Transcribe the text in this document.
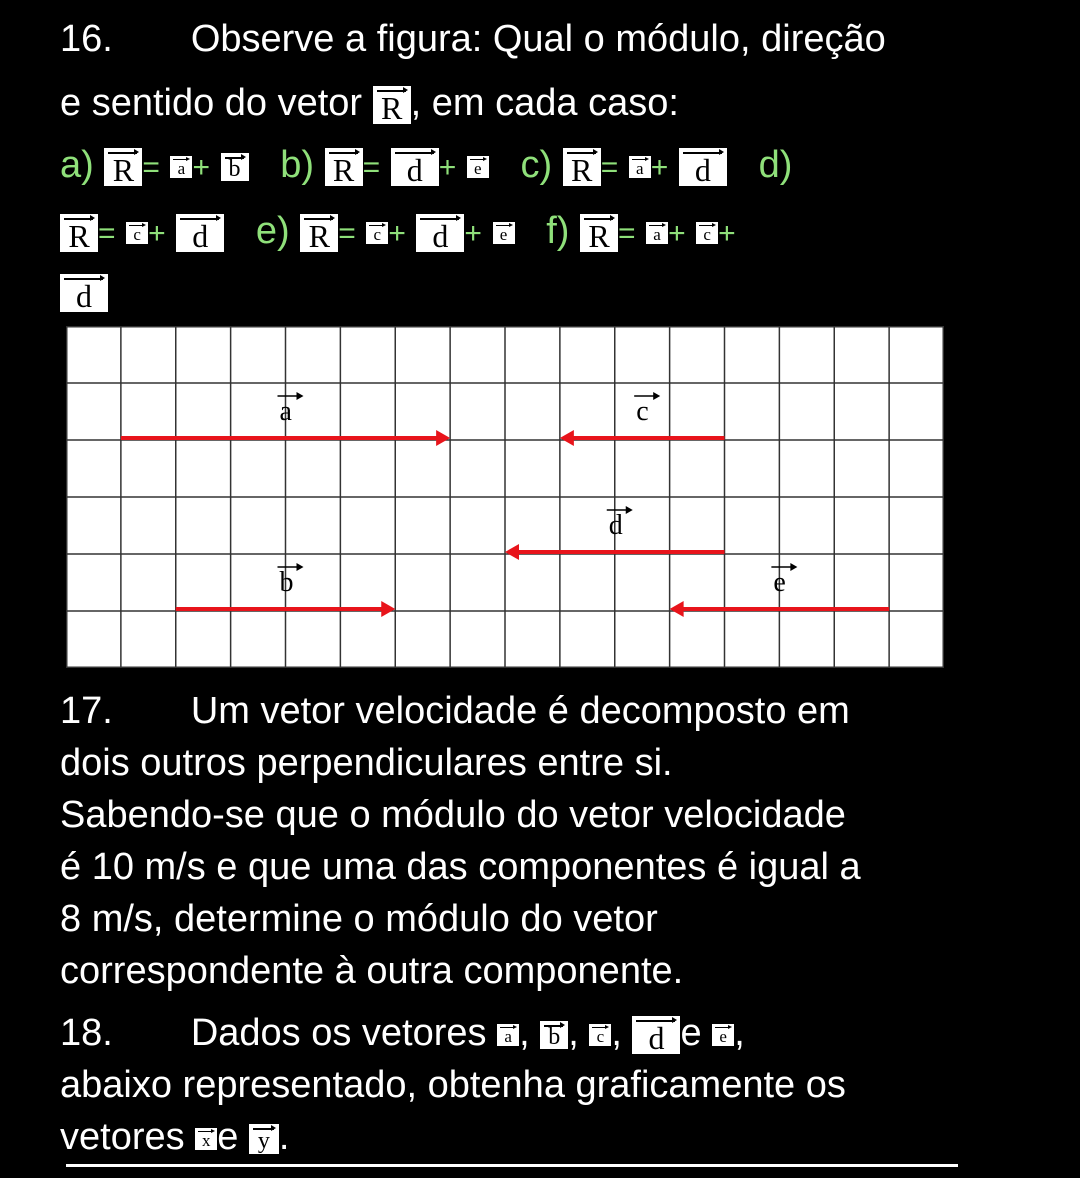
16. Observe a figura: Qual o módulo, direção
e sentido do vetor R , em cada caso:
a) R = a + b b) R = d + e c) R = a + d d)
R = c + d e) R = c + d + e f) R = a + c +
d
a	c
d
b	e
17. Um vetor velocidade é decomposto em
dois outros perpendiculares entre si.
Sabendo-se que o módulo do vetor velocidade
é 10 m/s e que uma das componentes é igual a
8 m/s, determine o módulo do vetor
correspondente à outra componente.
18. Dados os vetores a , b , c , d e e ,
abaixo representado, obtenha graficamente os
vetores x e y .
